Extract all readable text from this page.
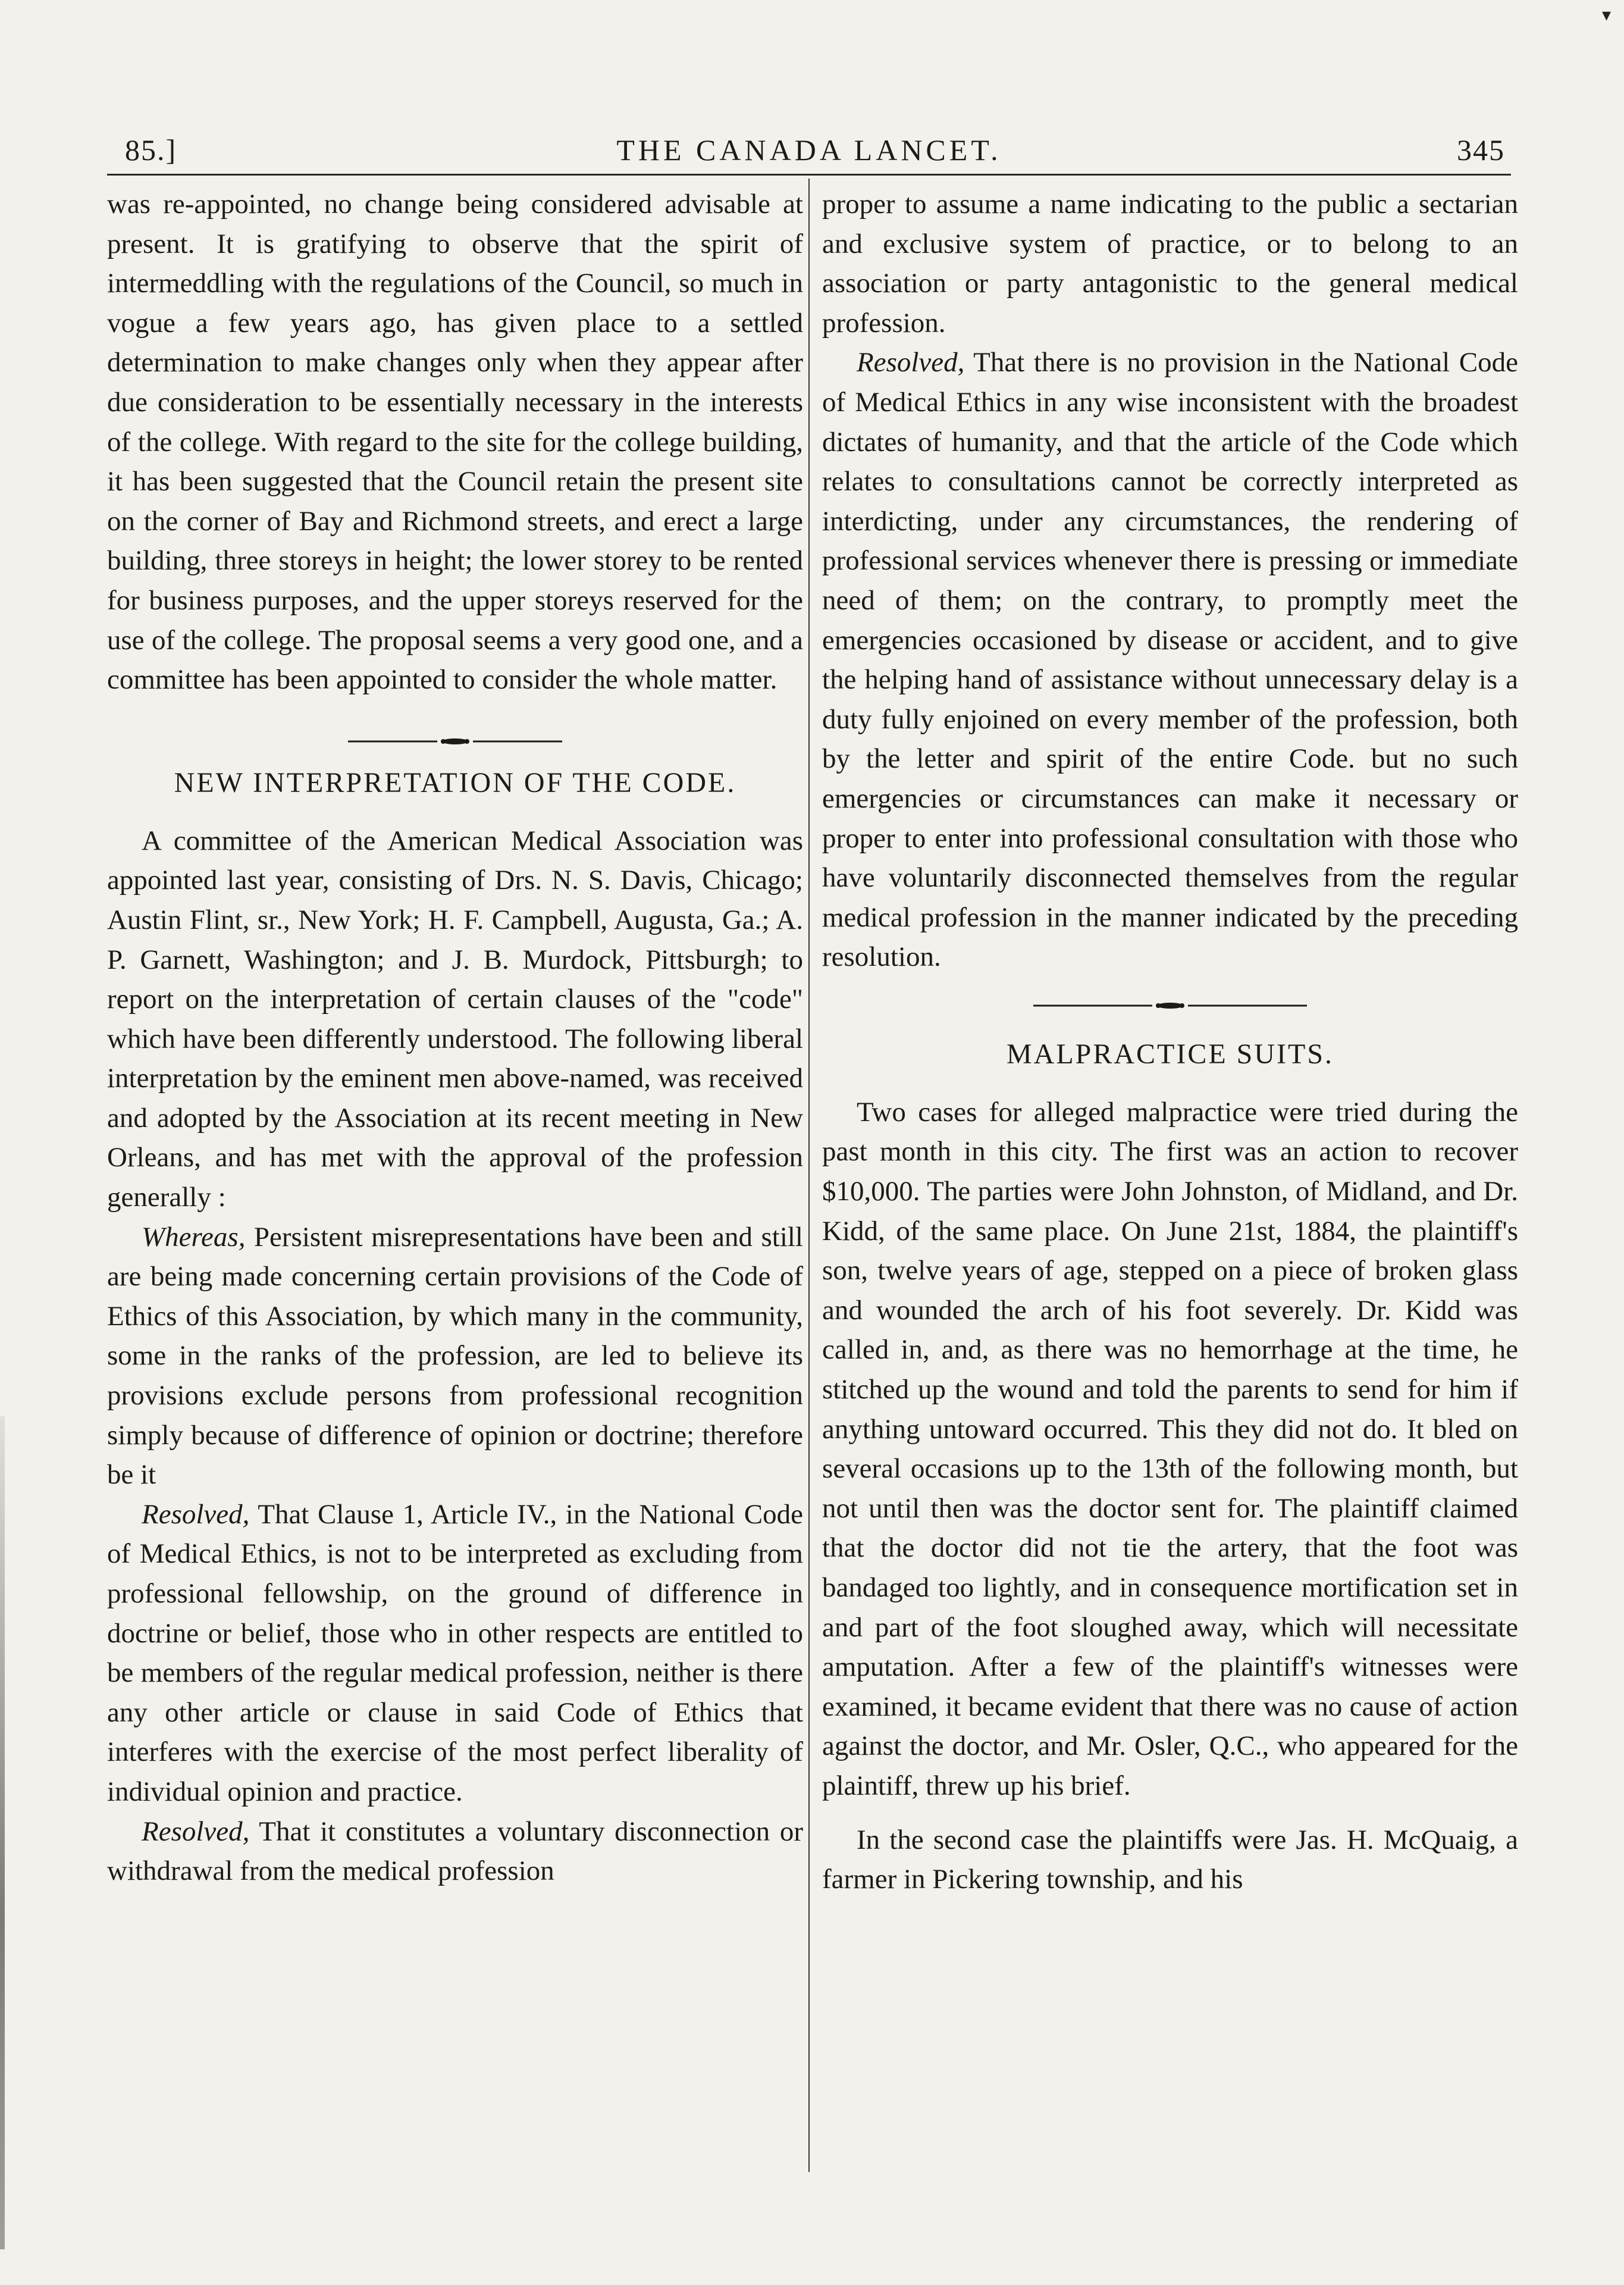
▾
85.]	THE CANADA LANCET.	345

was re-appointed, no change being considered advisable at present. It is gratifying to observe that the spirit of intermeddling with the regulations of the Council, so much in vogue a few years ago, has given place to a settled determination to make changes only when they appear after due consideration to be essentially necessary in the interests of the college. With regard to the site for the college building, it has been suggested that the Council retain the present site on the corner of Bay and Richmond streets, and erect a large building, three storeys in height; the lower storey to be rented for business purposes, and the upper storeys reserved for the use of the college. The proposal seems a very good one, and a committee has been appointed to consider the whole matter.

NEW INTERPRETATION OF THE CODE.

A committee of the American Medical Association was appointed last year, consisting of Drs. N. S. Davis, Chicago; Austin Flint, sr., New York; H. F. Campbell, Augusta, Ga.; A. P. Garnett, Washington; and J. B. Murdock, Pittsburgh; to report on the interpretation of certain clauses of the "code" which have been differently understood. The following liberal interpretation by the eminent men above-named, was received and adopted by the Association at its recent meeting in New Orleans, and has met with the approval of the profession generally :

Whereas, Persistent misrepresentations have been and still are being made concerning certain provisions of the Code of Ethics of this Association, by which many in the community, some in the ranks of the profession, are led to believe its provisions exclude persons from professional recognition simply because of difference of opinion or doctrine; therefore be it

Resolved, That Clause 1, Article IV., in the National Code of Medical Ethics, is not to be interpreted as excluding from professional fellowship, on the ground of difference in doctrine or belief, those who in other respects are entitled to be members of the regular medical profession, neither is there any other article or clause in said Code of Ethics that interferes with the exercise of the most perfect liberality of individual opinion and practice.

Resolved, That it constitutes a voluntary disconnection or withdrawal from the medical profession

proper to assume a name indicating to the public a sectarian and exclusive system of practice, or to belong to an association or party antagonistic to the general medical profession.

Resolved, That there is no provision in the National Code of Medical Ethics in any wise inconsistent with the broadest dictates of humanity, and that the article of the Code which relates to consultations cannot be correctly interpreted as interdicting, under any circumstances, the rendering of professional services whenever there is pressing or immediate need of them; on the contrary, to promptly meet the emergencies occasioned by disease or accident, and to give the helping hand of assistance without unnecessary delay is a duty fully enjoined on every member of the profession, both by the letter and spirit of the entire Code. but no such emergencies or circumstances can make it necessary or proper to enter into professional consultation with those who have voluntarily disconnected themselves from the regular medical profession in the manner indicated by the preceding resolution.

MALPRACTICE SUITS.

Two cases for alleged malpractice were tried during the past month in this city. The first was an action to recover $10,000. The parties were John Johnston, of Midland, and Dr. Kidd, of the same place. On June 21st, 1884, the plaintiff's son, twelve years of age, stepped on a piece of broken glass and wounded the arch of his foot severely. Dr. Kidd was called in, and, as there was no hemorrhage at the time, he stitched up the wound and told the parents to send for him if anything untoward occurred. This they did not do. It bled on several occasions up to the 13th of the following month, but not until then was the doctor sent for. The plaintiff claimed that the doctor did not tie the artery, that the foot was bandaged too lightly, and in consequence mortification set in and part of the foot sloughed away, which will necessitate amputation. After a few of the plaintiff's witnesses were examined, it became evident that there was no cause of action against the doctor, and Mr. Osler, Q.C., who appeared for the plaintiff, threw up his brief.

In the second case the plaintiffs were Jas. H. McQuaig, a farmer in Pickering township, and his
